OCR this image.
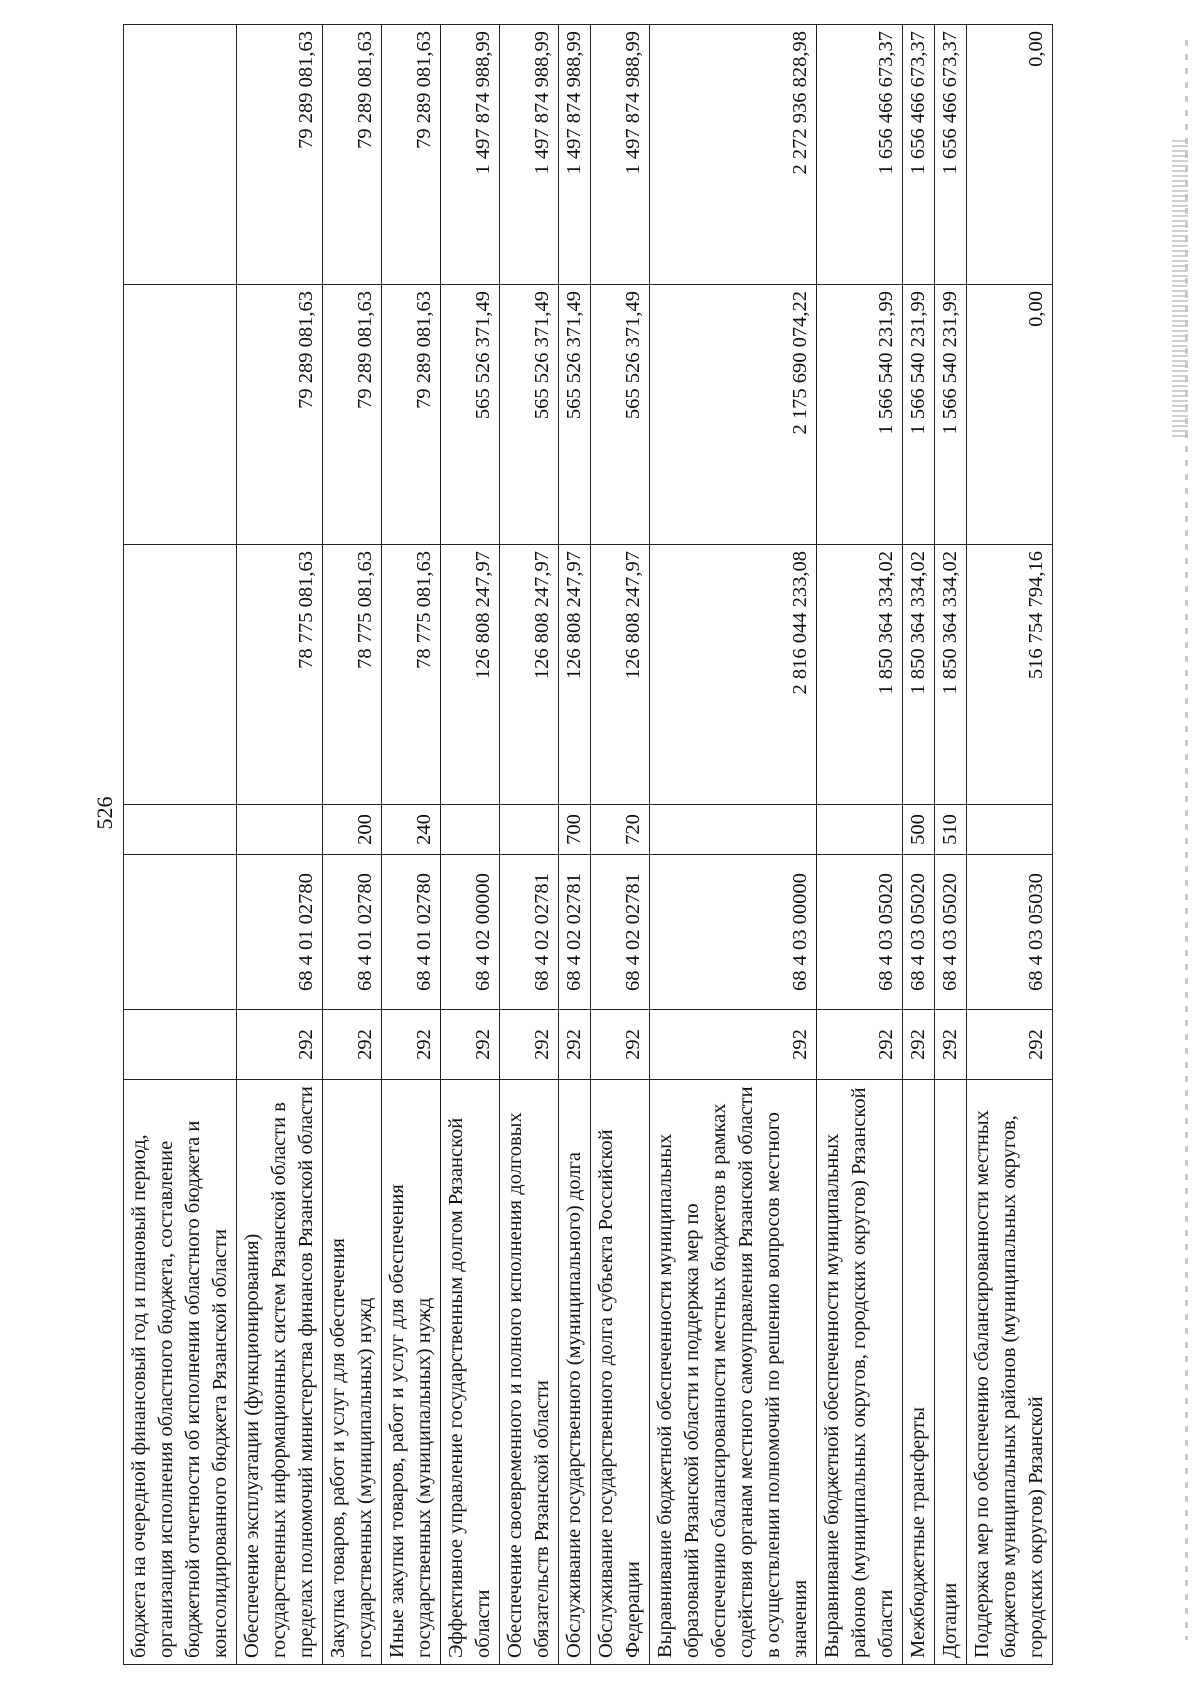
526
бюджета на очередной финансовый год и плановый период, организация исполнения областного бюджета, составление бюджетной отчетности об исполнении областного бюджета и консолидированного бюджета Рязанской области						
Обеспечение эксплуатации (функционирования) государственных информационных систем Рязанской области в пределах полномочий министерства финансов Рязанской области	292	68 4 01 02780		78 775 081,63	79 289 081,63	79 289 081,63
Закупка товаров, работ и услуг для обеспечения государственных (муниципальных) нужд	292	68 4 01 02780	200	78 775 081,63	79 289 081,63	79 289 081,63
Иные закупки товаров, работ и услуг для обеспечения государственных (муниципальных) нужд	292	68 4 01 02780	240	78 775 081,63	79 289 081,63	79 289 081,63
Эффективное управление государственным долгом Рязанской области	292	68 4 02 00000		126 808 247,97	565 526 371,49	1 497 874 988,99
Обеспечение своевременного и полного исполнения долговых обязательств Рязанской области	292	68 4 02 02781		126 808 247,97	565 526 371,49	1 497 874 988,99
Обслуживание государственного (муниципального) долга	292	68 4 02 02781	700	126 808 247,97	565 526 371,49	1 497 874 988,99
Обслуживание государственного долга субъекта Российской Федерации	292	68 4 02 02781	720	126 808 247,97	565 526 371,49	1 497 874 988,99
Выравнивание бюджетной обеспеченности муниципальных образований Рязанской области и поддержка мер по обеспечению сбалансированности местных бюджетов в рамках содействия органам местного самоуправления Рязанской области в осуществлении полномочий по решению вопросов местного значения	292	68 4 03 00000		2 816 044 233,08	2 175 690 074,22	2 272 936 828,98
Выравнивание бюджетной обеспеченности муниципальных районов (муниципальных округов, городских округов) Рязанской области	292	68 4 03 05020		1 850 364 334,02	1 566 540 231,99	1 656 466 673,37
Межбюджетные трансферты	292	68 4 03 05020	500	1 850 364 334,02	1 566 540 231,99	1 656 466 673,37
Дотации	292	68 4 03 05020	510	1 850 364 334,02	1 566 540 231,99	1 656 466 673,37
Поддержка мер по обеспечению сбалансированности местных бюджетов муниципальных районов (муниципальных округов, городских округов) Рязанской	292	68 4 03 05030		516 754 794,16	0,00	0,00
